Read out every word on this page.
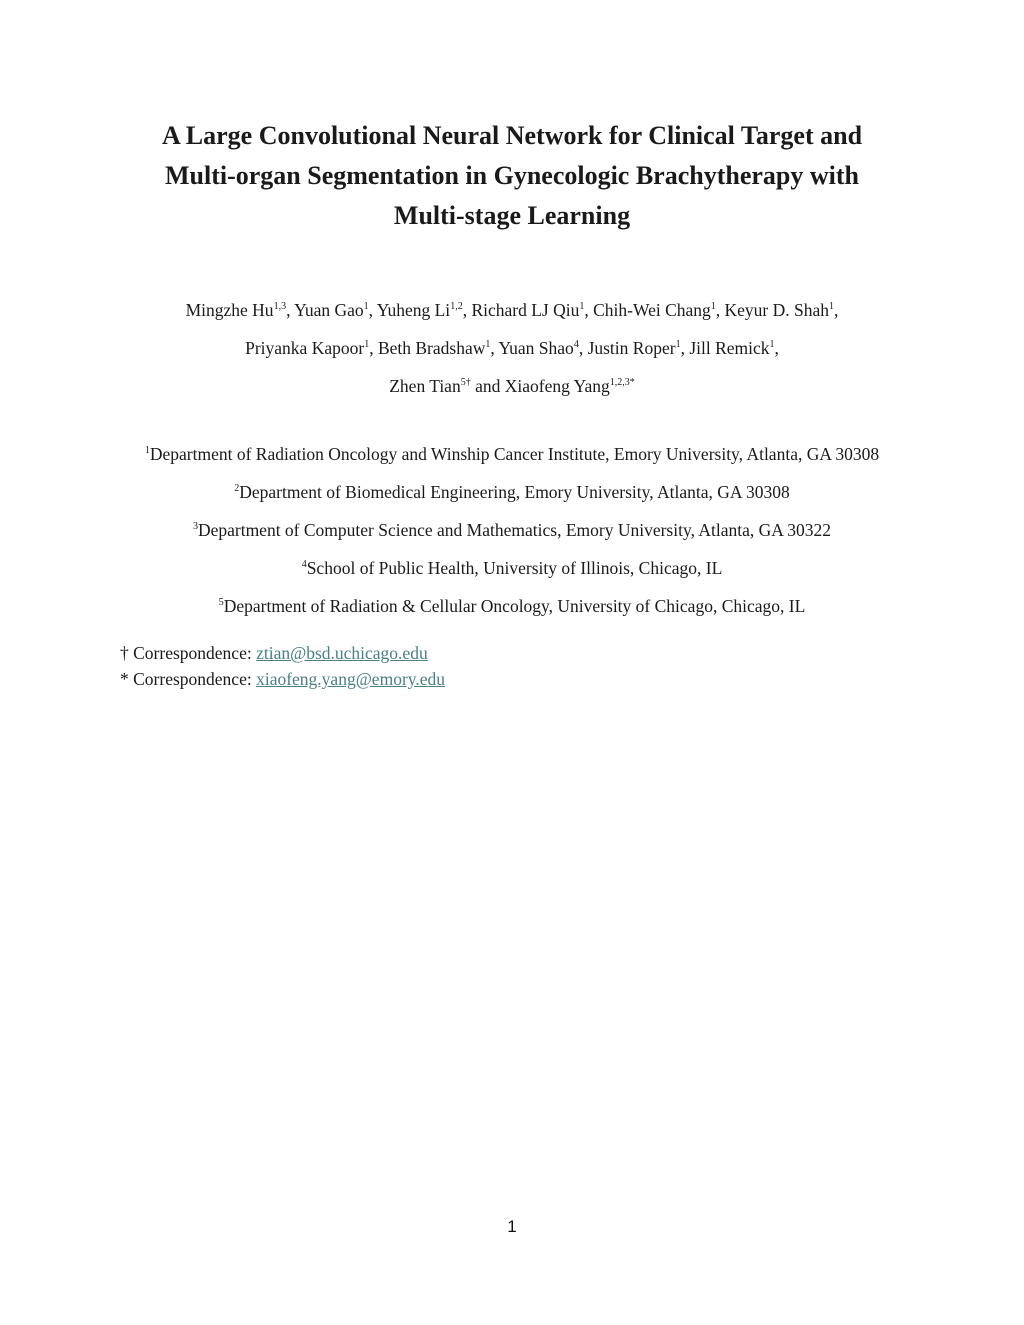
A Large Convolutional Neural Network for Clinical Target and
Multi-organ Segmentation in Gynecologic Brachytherapy with
Multi-stage Learning
Mingzhe Hu$^{1,3}$, Yuan Gao$^1$, Yuheng Li$^{1,2}$, Richard LJ Qiu$^1$, Chih-Wei Chang$^1$, Keyur D. Shah$^1$,
Priyanka Kapoor$^1$, Beth Bradshaw$^1$, Yuan Shao$^4$, Justin Roper$^1$, Jill Remick$^1$,
Zhen Tian$^{5\dagger}$ and Xiaofeng Yang$^{1,2,3*}$
$^1$Department of Radiation Oncology and Winship Cancer Institute, Emory University, Atlanta, GA 30308
$^2$Department of Biomedical Engineering, Emory University, Atlanta, GA 30308
$^3$Department of Computer Science and Mathematics, Emory University, Atlanta, GA 30322
$^4$School of Public Health, University of Illinois, Chicago, IL
$^5$Department of Radiation & Cellular Oncology, University of Chicago, Chicago, IL
† Correspondence: ztian@bsd.uchicago.edu
* Correspondence: xiaofeng.yang@emory.edu
1
